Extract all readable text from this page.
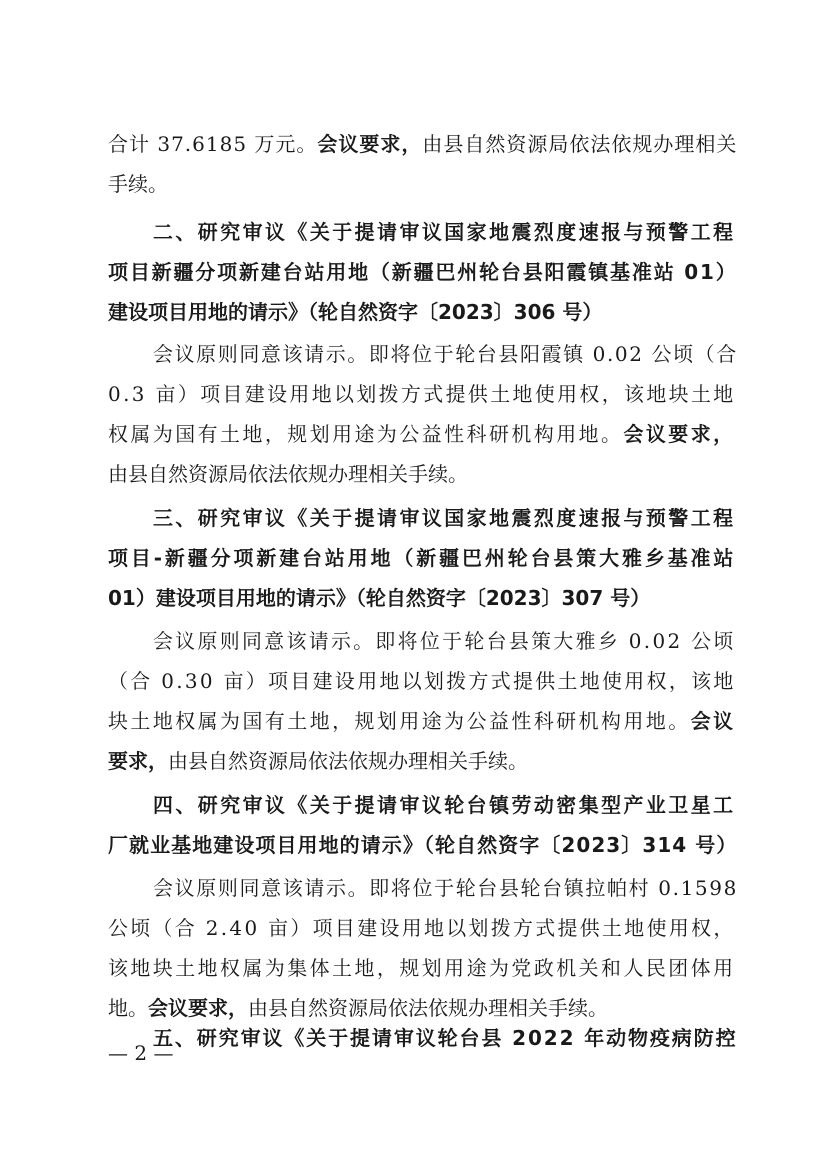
— 2 —
合计 37.6185 万元。会议要求，由县自然资源局依法依规办理相关
手续。
二、研究审议《关于提请审议国家地震烈度速报与预警工程
项目新疆分项新建台站用地（新疆巴州轮台县阳霞镇基准站 01）
建设项目用地的请示》（轮自然资字〔2023〕306 号）
会议原则同意该请示。即将位于轮台县阳霞镇 0.02 公顷（合
0.3 亩）项目建设用地以划拨方式提供土地使用权，该地块土地
权属为国有土地，规划用途为公益性科研机构用地。会议要求，
由县自然资源局依法依规办理相关手续。
三、研究审议《关于提请审议国家地震烈度速报与预警工程
项目-新疆分项新建台站用地（新疆巴州轮台县策大雅乡基准站
01）建设项目用地的请示》（轮自然资字〔2023〕307 号）
会议原则同意该请示。即将位于轮台县策大雅乡 0.02 公顷
（合 0.30 亩）项目建设用地以划拨方式提供土地使用权，该地
块土地权属为国有土地，规划用途为公益性科研机构用地。会议
要求，由县自然资源局依法依规办理相关手续。
四、研究审议《关于提请审议轮台镇劳动密集型产业卫星工
厂就业基地建设项目用地的请示》（轮自然资字〔2023〕314 号）
会议原则同意该请示。即将位于轮台县轮台镇拉帕村 0.1598
公顷（合 2.40 亩）项目建设用地以划拨方式提供土地使用权，
该地块土地权属为集体土地，规划用途为党政机关和人民团体用
地。会议要求，由县自然资源局依法依规办理相关手续。
五、研究审议《关于提请审议轮台县 2022 年动物疫病防控
